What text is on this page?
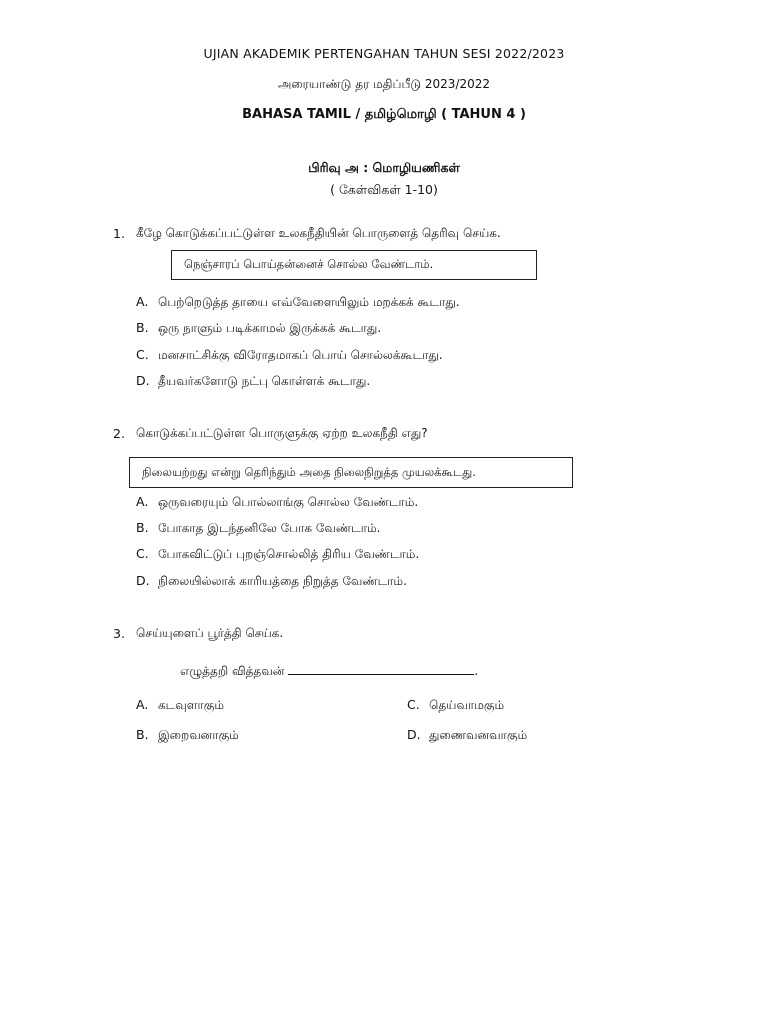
UJIAN AKADEMIK PERTENGAHAN TAHUN SESI 2022/2023
அரையாண்டு தர மதிப்பீடு 2023/2022
BAHASA TAMIL / தமிழ்மொழி ( TAHUN 4 )
பிரிவு அ : மொழியணிகள்
( கேள்விகள் 1-10)
1. கீழே கொடுக்கப்பட்டுள்ள உலகநீதியின் பொருளைத் தெரிவு செய்க.
நெஞ்சாரப் பொய்தன்னைச் சொல்ல வேண்டாம்.
A. பெற்றெடுத்த தாயை எவ்வேளையிலும் மறக்கக் கூடாது.
B. ஒரு நாளும் படிக்காமல் இருக்கக் கூடாது.
C. மனசாட்சிக்கு விரோதமாகப் பொய் சொல்லக்கூடாது.
D. தீயவர்களோடு நட்பு கொள்ளக் கூடாது.
2. கொடுக்கப்பட்டுள்ள பொருளுக்கு ஏற்ற உலகநீதி எது?
நிலையற்றது என்று தெரிந்தும் அதை நிலைநிறுத்த முயலக்கூடது.
A. ஒருவரையும் பொல்லாங்கு சொல்ல வேண்டாம்.
B. போகாத இடந்தனிலே போக வேண்டாம்.
C. போகவிட்டுப் புறஞ்சொல்லித் திரிய வேண்டாம்.
D. நிலையில்லாக் காரியத்தை நிறுத்த வேண்டாம்.
3. செய்யுளைப் பூர்த்தி செய்க.
எழுத்தறி வித்தவன்	.
A. கடவுளாகும்
B. இறைவனாகும்
C. தெய்வாமகும்
D. துணைவனவாகும்
